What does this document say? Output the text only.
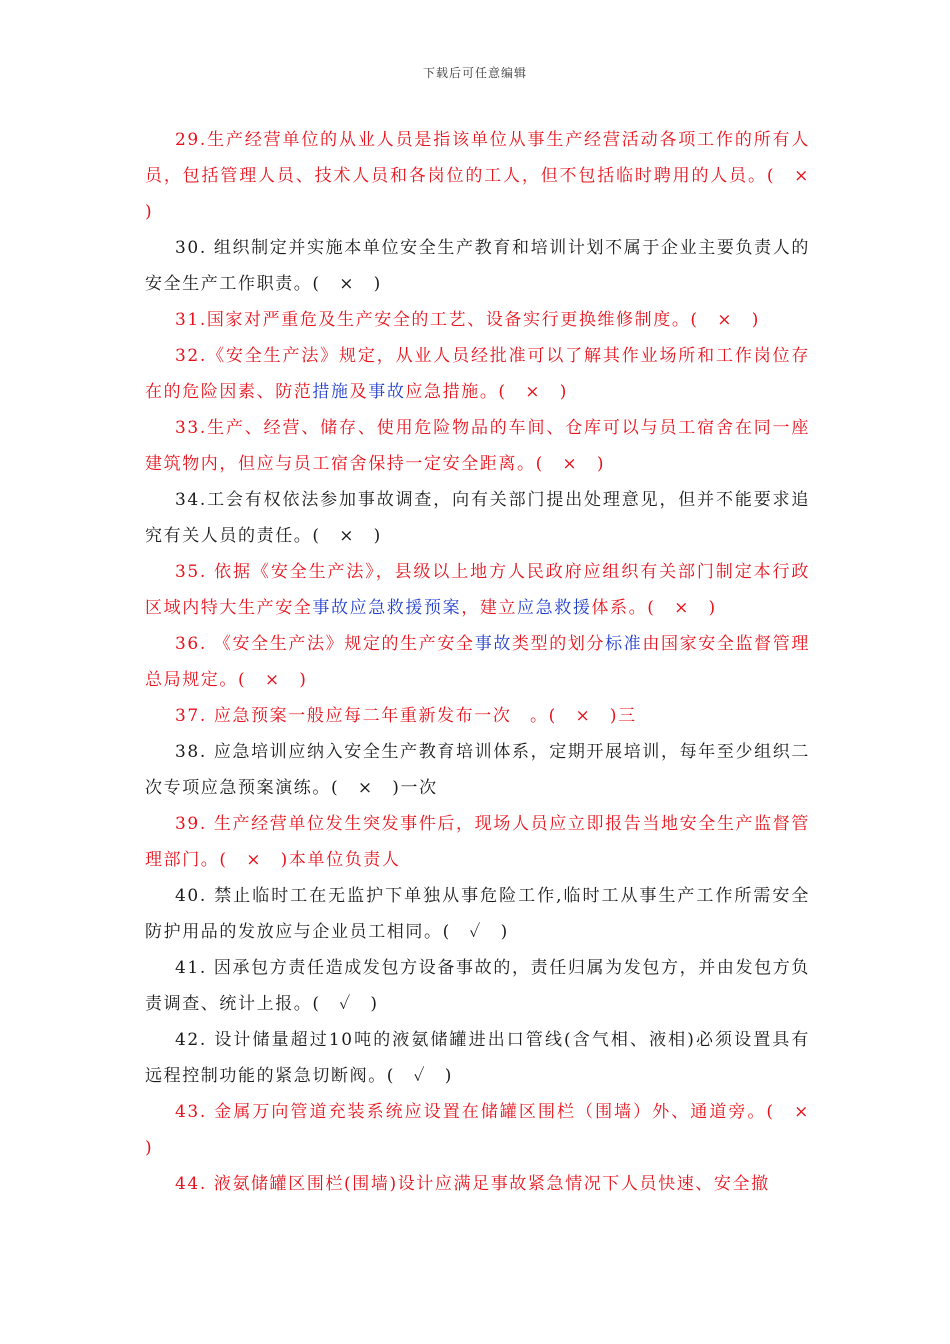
下载后可任意编辑

29.生产经营单位的从业人员是指该单位从事生产经营活动各项工作的所有人员，包括管理人员、技术人员和各岗位的工人，但不包括临时聘用的人员。(　×　)

30. 组织制定并实施本单位安全生产教育和培训计划不属于企业主要负责人的安全生产工作职责。(　×　)

31.国家对严重危及生产安全的工艺、设备实行更换维修制度。(　×　)

32.《安全生产法》规定，从业人员经批准可以了解其作业场所和工作岗位存在的危险因素、防范措施及事故应急措施。(　×　)

33.生产、经营、储存、使用危险物品的车间、仓库可以与员工宿舍在同一座建筑物内，但应与员工宿舍保持一定安全距离。(　×　)

34.工会有权依法参加事故调查，向有关部门提出处理意见，但并不能要求追究有关人员的责任。(　×　)

35. 依据《安全生产法》，县级以上地方人民政府应组织有关部门制定本行政区域内特大生产安全事故应急救援预案，建立应急救援体系。(　×　)

36. 《安全生产法》规定的生产安全事故类型的划分标准由国家安全监督管理总局规定。(　×　)

37. 应急预案一般应每二年重新发布一次　。(　×　)三

38. 应急培训应纳入安全生产教育培训体系，定期开展培训，每年至少组织二次专项应急预案演练。(　×　)一次

39. 生产经营单位发生突发事件后，现场人员应立即报告当地安全生产监督管理部门。(　×　)本单位负责人

40. 禁止临时工在无监护下单独从事危险工作,临时工从事生产工作所需安全防护用品的发放应与企业员工相同。(　✓　)

41. 因承包方责任造成发包方设备事故的，责任归属为发包方，并由发包方负责调查、统计上报。(　✓　)

42. 设计储量超过10吨的液氨储罐进出口管线(含气相、液相)必须设置具有远程控制功能的紧急切断阀。(　✓　)

43. 金属万向管道充装系统应设置在储罐区围栏（围墙）外、通道旁。(　×　)

44. 液氨储罐区围栏(围墙)设计应满足事故紧急情况下人员快速、安全撤
